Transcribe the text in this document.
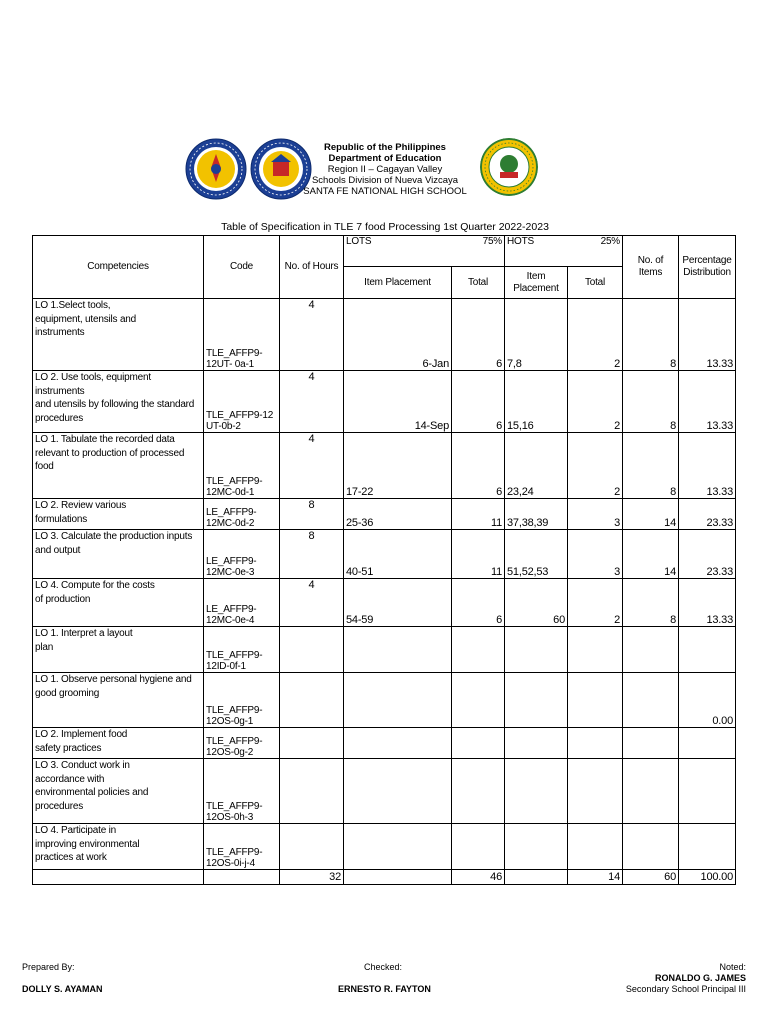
Republic of the Philippines
Department of Education
Region II – Cagayan Valley
Schools Division of Nueva Vizcaya
SANTA FE NATIONAL HIGH SCHOOL
Table of Specification in TLE 7 food Processing 1st Quarter 2022-2023
Competencies	Code	No. of Hours	LOTS 75%		HOTS 25%		No. of Items	Percentage Distribution
			Item Placement	Total	Item Placement	Total		
LO 1.Select tools,
equipment, utensils and
instruments	TLE_AFFP9-
12UT- 0a-1	4	6-Jan	6	7,8	2	8	13.33
LO 2. Use tools, equipment
instruments
and utensils by following the standard
procedures	TLE_AFFP9-12
UT-0b-2	4	14-Sep	6	15,16	2	8	13.33
LO 1. Tabulate the recorded data
relevant to production of processed
food	TLE_AFFP9-
12MC-0d-1	4	17-22	6	23,24	2	8	13.33
LO 2. Review various
formulations	LE_AFFP9-
12MC-0d-2	8	25-36	11	37,38,39	3	14	23.33
LO 3. Calculate the production inputs
and output	LE_AFFP9-
12MC-0e-3	8	40-51	11	51,52,53	3	14	23.33
LO 4. Compute for the costs
of production	LE_AFFP9-
12MC-0e-4	4	54-59	6	60	2	8	13.33
LO 1. Interpret a layout
plan	TLE_AFFP9-
12ID-0f-1							
LO 1. Observe personal hygiene and
good grooming	TLE_AFFP9-
12OS-0g-1							0.00
LO 2. Implement food
safety practices	TLE_AFFP9-
12OS-0g-2							
LO 3. Conduct work in
accordance with
environmental policies and
procedures	TLE_AFFP9-
12OS-0h-3							
LO 4. Participate in
improving environmental
practices at work	TLE_AFFP9-
12OS-0i-j-4							
		32		46		14	60	100.00
Prepared By:
DOLLY S. AYAMAN
Checked:
ERNESTO R. FAYTON
Noted:
RONALDO G. JAMES
Secondary School Principal III
